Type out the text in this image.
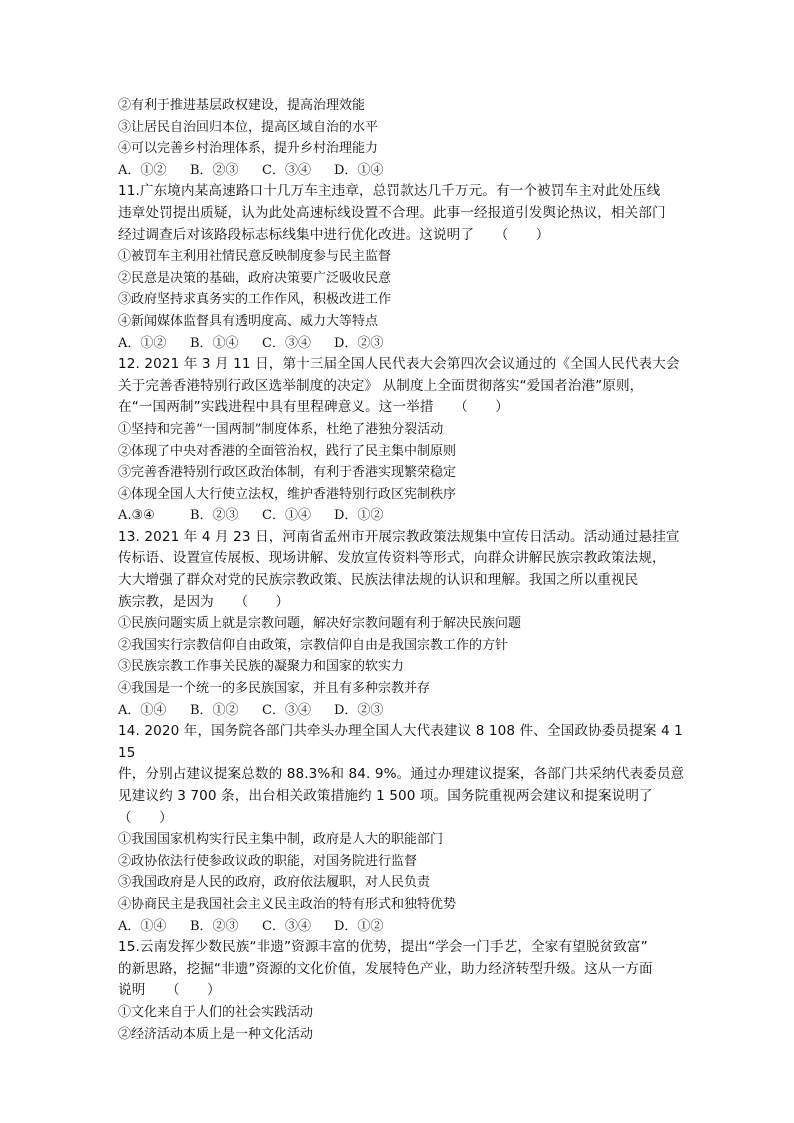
②有利于推进基层政权建设，提高治理效能
③让居民自治回归本位，提高区域自治的水平
④可以完善乡村治理体系，提升乡村治理能力
A．①②	B．②③	C．③④	D．①④
11.广东境内某高速路口十几万车主违章，总罚款达几千万元。有一个被罚车主对此处压线
违章处罚提出质疑，认为此处高速标线设置不合理。此事一经报道引发舆论热议，相关部门
经过调查后对该路段标志标线集中进行优化改进。这说明了　　（　　）
①被罚车主利用社情民意反映制度参与民主监督
②民意是决策的基础，政府决策要广泛吸收民意
③政府坚持求真务实的工作作风，积极改进工作
④新闻媒体监督具有透明度高、威力大等特点
A．①②	B．①④	C．③④	D．②③
12. 2021 年 3 月 11 日，第十三届全国人民代表大会第四次会议通过的《全国人民代表大会
关于完善香港特别行政区选举制度的决定》 从制度上全面贯彻落实“爱国者治港”原则，
在“一国两制”实践进程中具有里程碑意义。这一举措　　（　　）
①坚持和完善“一国两制”制度体系，杜绝了港独分裂活动
②体现了中央对香港的全面管治权，践行了民主集中制原则
③完善香港特别行政区政治体制，有利于香港实现繁荣稳定
④体现全国人大行使立法权，维护香港特别行政区宪制秩序
A.③④	B．②③	C．①④	D．①②
13. 2021 年 4 月 23 日，河南省孟州市开展宗教政策法规集中宣传日活动。活动通过悬挂宣
传标语、设置宣传展板、现场讲解、发放宣传资料等形式，向群众讲解民族宗教政策法规，
大大增强了群众对党的民族宗教政策、民族法律法规的认识和理解。我国之所以重视民
族宗教，是因为　　（　　）
①民族问题实质上就是宗教问题，解决好宗教问题有利于解决民族问题
②我国实行宗教信仰自由政策，宗教信仰自由是我国宗教工作的方针
③民族宗教工作事关民族的凝聚力和国家的软实力
④我国是一个统一的多民族国家，并且有多种宗教并存
A．①④	B．①②	C．③④	D．②③
14. 2020 年，国务院各部门共牵头办理全国人大代表建议 8 108 件、全国政协委员提案 4 1
15
件，分别占建议提案总数的 88.3%和 84. 9%。通过办理建议提案，各部门共采纳代表委员意
见建议约 3 700 条，出台相关政策措施约 1 500 项。国务院重视两会建议和提案说明了
（　　）
①我国国家机构实行民主集中制，政府是人大的职能部门
②政协依法行使参政议政的职能，对国务院进行监督
③我国政府是人民的政府，政府依法履职，对人民负责
④协商民主是我国社会主义民主政治的特有形式和独特优势
A．①④	B．②③	C．③④	D．①②
15.云南发挥少数民族“非遗”资源丰富的优势，提出“学会一门手艺，全家有望脱贫致富”
的新思路，挖掘“非遗”资源的文化价值，发展特色产业，助力经济转型升级。这从一方面
说明　　（　　）
①文化来自于人们的社会实践活动
②经济活动本质上是一种文化活动
